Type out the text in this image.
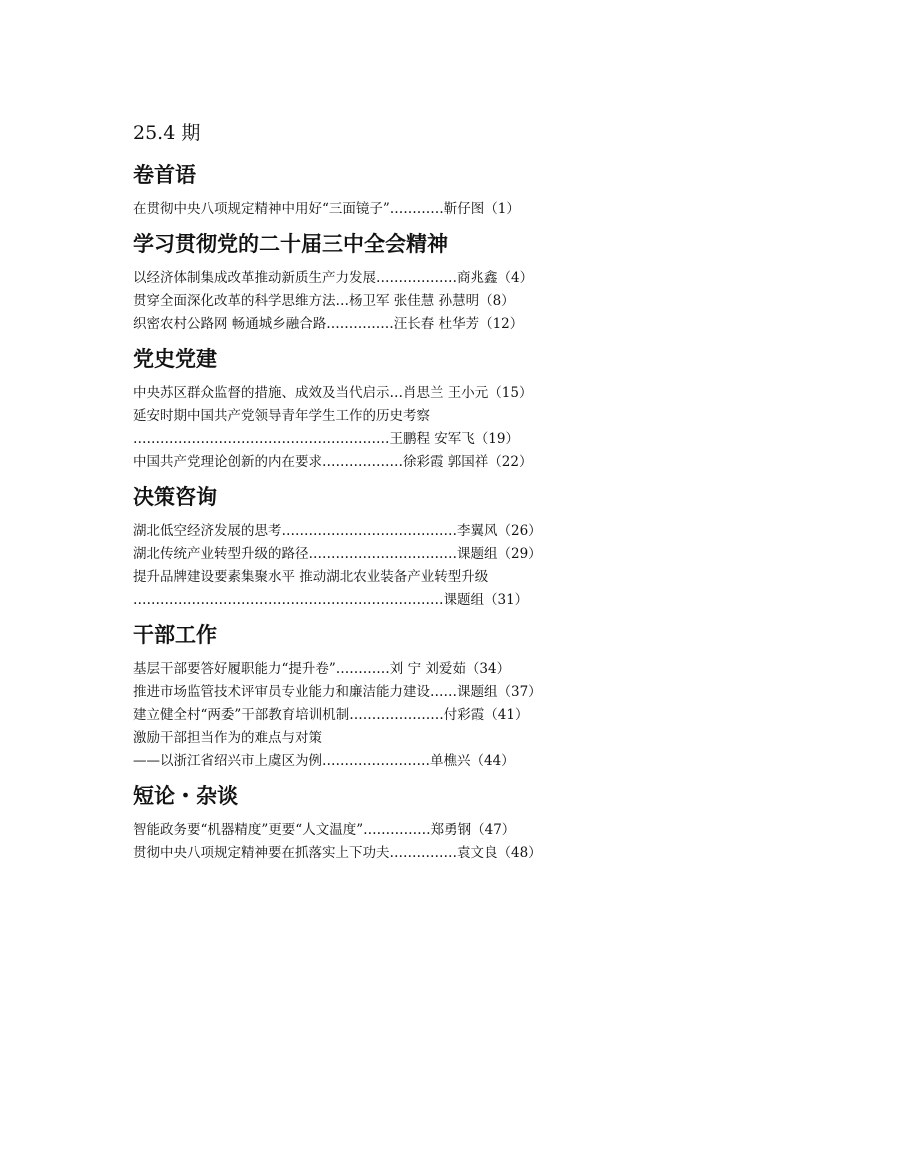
25.4 期
卷首语
在贯彻中央八项规定精神中用好“三面镜子”…………靳仔图（1）
学习贯彻党的二十届三中全会精神
以经济体制集成改革推动新质生产力发展………………商兆鑫（4）
贯穿全面深化改革的科学思维方法…杨卫军 张佳慧 孙慧明（8）
织密农村公路网 畅通城乡融合路……………汪长春 杜华芳（12）
党史党建
中央苏区群众监督的措施、成效及当代启示…肖思兰 王小元（15）
延安时期中国共产党领导青年学生工作的历史考察
…………………………………………………王鹏程 安军飞（19）
中国共产党理论创新的内在要求………………徐彩霞 郭国祥（22）
决策咨询
湖北低空经济发展的思考…………………………………李翼风（26）
湖北传统产业转型升级的路径……………………………课题组（29）
提升品牌建设要素集聚水平 推动湖北农业装备产业转型升级
……………………………………………………………课题组（31）
干部工作
基层干部要答好履职能力“提升卷”…………刘 宁 刘爱茹（34）
推进市场监管技术评审员专业能力和廉洁能力建设……课题组（37）
建立健全村“两委”干部教育培训机制…………………付彩霞（41）
激励干部担当作为的难点与对策
——以浙江省绍兴市上虞区为例……………………单樵兴（44）
短论・杂谈
智能政务要“机器精度”更要“人文温度”……………郑勇钢（47）
贯彻中央八项规定精神要在抓落实上下功夫……………袁文良（48）
